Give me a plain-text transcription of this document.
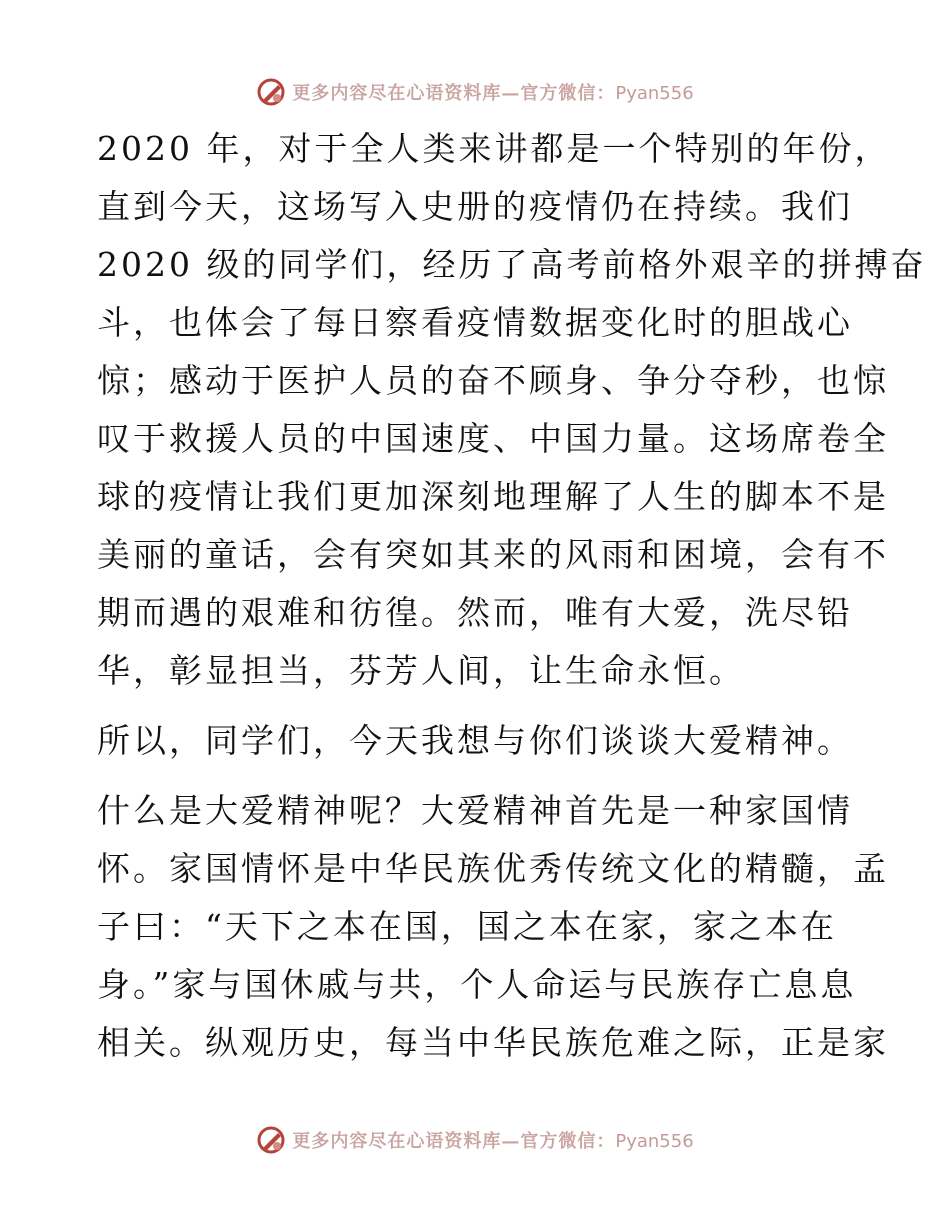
更多内容尽在心语资料库—官方微信：Pyan556
2020 年，对于全人类来讲都是一个特别的年份，
直到今天，这场写入史册的疫情仍在持续。我们
2020 级的同学们，经历了高考前格外艰辛的拼搏奋
斗，也体会了每日察看疫情数据变化时的胆战心
惊；感动于医护人员的奋不顾身、争分夺秒，也惊
叹于救援人员的中国速度、中国力量。这场席卷全
球的疫情让我们更加深刻地理解了人生的脚本不是
美丽的童话，会有突如其来的风雨和困境，会有不
期而遇的艰难和彷徨。然而，唯有大爱，洗尽铅
华，彰显担当，芬芳人间，让生命永恒。
所以，同学们，今天我想与你们谈谈大爱精神。
什么是大爱精神呢？大爱精神首先是一种家国情
怀。家国情怀是中华民族优秀传统文化的精髓，孟
子曰：“天下之本在国，国之本在家，家之本在
身。”家与国休戚与共，个人命运与民族存亡息息
相关。纵观历史，每当中华民族危难之际，正是家
更多内容尽在心语资料库—官方微信：Pyan556
